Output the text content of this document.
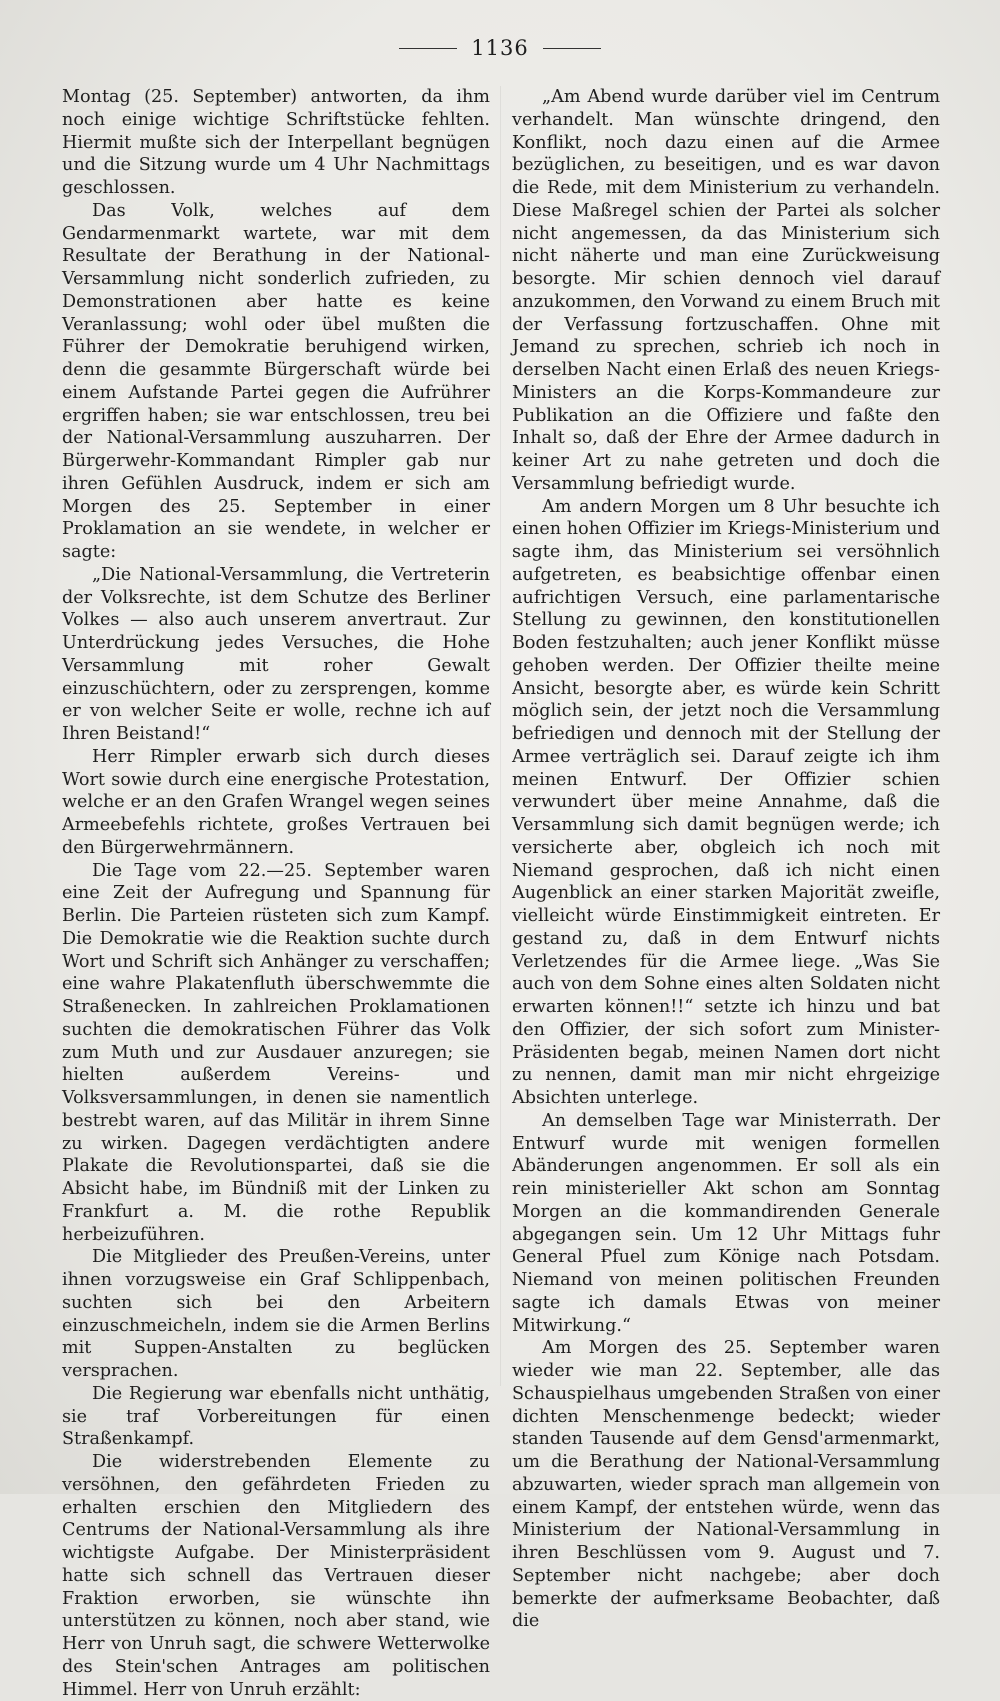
1136

Montag (25. September) antworten, da ihm noch einige wichtige Schriftstücke fehlten. Hiermit mußte sich der Interpellant begnügen und die Sitzung wurde um 4 Uhr Nachmittags geschlossen.

Das Volk, welches auf dem Gendarmenmarkt wartete, war mit dem Resultate der Berathung in der National-Versammlung nicht sonderlich zufrieden, zu Demonstrationen aber hatte es keine Veranlassung; wohl oder übel mußten die Führer der Demokratie beruhigend wirken, denn die gesammte Bürgerschaft würde bei einem Aufstande Partei gegen die Aufrührer ergriffen haben; sie war entschlossen, treu bei der National-Versammlung auszuharren. Der Bürgerwehr-Kommandant Rimpler gab nur ihren Gefühlen Ausdruck, indem er sich am Morgen des 25. September in einer Proklamation an sie wendete, in welcher er sagte:

„Die National-Versammlung, die Vertreterin der Volksrechte, ist dem Schutze des Berliner Volkes — also auch unserem anvertraut. Zur Unterdrückung jedes Versuches, die Hohe Versammlung mit roher Gewalt einzuschüchtern, oder zu zersprengen, komme er von welcher Seite er wolle, rechne ich auf Ihren Beistand!“

Herr Rimpler erwarb sich durch dieses Wort sowie durch eine energische Protestation, welche er an den Grafen Wrangel wegen seines Armeebefehls richtete, großes Vertrauen bei den Bürgerwehrmännern.

Die Tage vom 22.—25. September waren eine Zeit der Aufregung und Spannung für Berlin. Die Parteien rüsteten sich zum Kampf. Die Demokratie wie die Reaktion suchte durch Wort und Schrift sich Anhänger zu verschaffen; eine wahre Plakatenfluth überschwemmte die Straßenecken. In zahlreichen Proklamationen suchten die demokratischen Führer das Volk zum Muth und zur Ausdauer anzuregen; sie hielten außerdem Vereins- und Volksversammlungen, in denen sie namentlich bestrebt waren, auf das Militär in ihrem Sinne zu wirken. Dagegen verdächtigten andere Plakate die Revolutionspartei, daß sie die Absicht habe, im Bündniß mit der Linken zu Frankfurt a. M. die rothe Republik herbeizuführen.

Die Mitglieder des Preußen-Vereins, unter ihnen vorzugsweise ein Graf Schlippenbach, suchten sich bei den Arbeitern einzuschmeicheln, indem sie die Armen Berlins mit Suppen-Anstalten zu beglücken versprachen.

Die Regierung war ebenfalls nicht unthätig, sie traf Vorbereitungen für einen Straßenkampf.

Die widerstrebenden Elemente zu versöhnen, den gefährdeten Frieden zu erhalten erschien den Mitgliedern des Centrums der National-Versammlung als ihre wichtigste Aufgabe. Der Ministerpräsident hatte sich schnell das Vertrauen dieser Fraktion erworben, sie wünschte ihn unterstützen zu können, noch aber stand, wie Herr von Unruh sagt, die schwere Wetterwolke des Stein'schen Antrages am politischen Himmel. Herr von Unruh erzählt:

„Am Abend wurde darüber viel im Centrum verhandelt. Man wünschte dringend, den Konflikt, noch dazu einen auf die Armee bezüglichen, zu beseitigen, und es war davon die Rede, mit dem Ministerium zu verhandeln. Diese Maßregel schien der Partei als solcher nicht angemessen, da das Ministerium sich nicht näherte und man eine Zurückweisung besorgte. Mir schien dennoch viel darauf anzukommen, den Vorwand zu einem Bruch mit der Verfassung fortzuschaffen. Ohne mit Jemand zu sprechen, schrieb ich noch in derselben Nacht einen Erlaß des neuen Kriegs-Ministers an die Korps-Kommandeure zur Publikation an die Offiziere und faßte den Inhalt so, daß der Ehre der Armee dadurch in keiner Art zu nahe getreten und doch die Versammlung befriedigt wurde.

Am andern Morgen um 8 Uhr besuchte ich einen hohen Offizier im Kriegs-Ministerium und sagte ihm, das Ministerium sei versöhnlich aufgetreten, es beabsichtige offenbar einen aufrichtigen Versuch, eine parlamentarische Stellung zu gewinnen, den konstitutionellen Boden festzuhalten; auch jener Konflikt müsse gehoben werden. Der Offizier theilte meine Ansicht, besorgte aber, es würde kein Schritt möglich sein, der jetzt noch die Versammlung befriedigen und dennoch mit der Stellung der Armee verträglich sei. Darauf zeigte ich ihm meinen Entwurf. Der Offizier schien verwundert über meine Annahme, daß die Versammlung sich damit begnügen werde; ich versicherte aber, obgleich ich noch mit Niemand gesprochen, daß ich nicht einen Augenblick an einer starken Majorität zweifle, vielleicht würde Einstimmigkeit eintreten. Er gestand zu, daß in dem Entwurf nichts Verletzendes für die Armee liege. „Was Sie auch von dem Sohne eines alten Soldaten nicht erwarten können!!“ setzte ich hinzu und bat den Offizier, der sich sofort zum Minister-Präsidenten begab, meinen Namen dort nicht zu nennen, damit man mir nicht ehrgeizige Absichten unterlege.

An demselben Tage war Ministerrath. Der Entwurf wurde mit wenigen formellen Abänderungen angenommen. Er soll als ein rein ministerieller Akt schon am Sonntag Morgen an die kommandirenden Generale abgegangen sein. Um 12 Uhr Mittags fuhr General Pfuel zum Könige nach Potsdam. Niemand von meinen politischen Freunden sagte ich damals Etwas von meiner Mitwirkung.“

Am Morgen des 25. September waren wieder wie man 22. September, alle das Schauspielhaus umgebenden Straßen von einer dichten Menschenmenge bedeckt; wieder standen Tausende auf dem Gensd'armenmarkt, um die Berathung der National-Versammlung abzuwarten, wieder sprach man allgemein von einem Kampf, der entstehen würde, wenn das Ministerium der National-Versammlung in ihren Beschlüssen vom 9. August und 7. September nicht nachgebe; aber doch bemerkte der aufmerksame Beobachter, daß die
